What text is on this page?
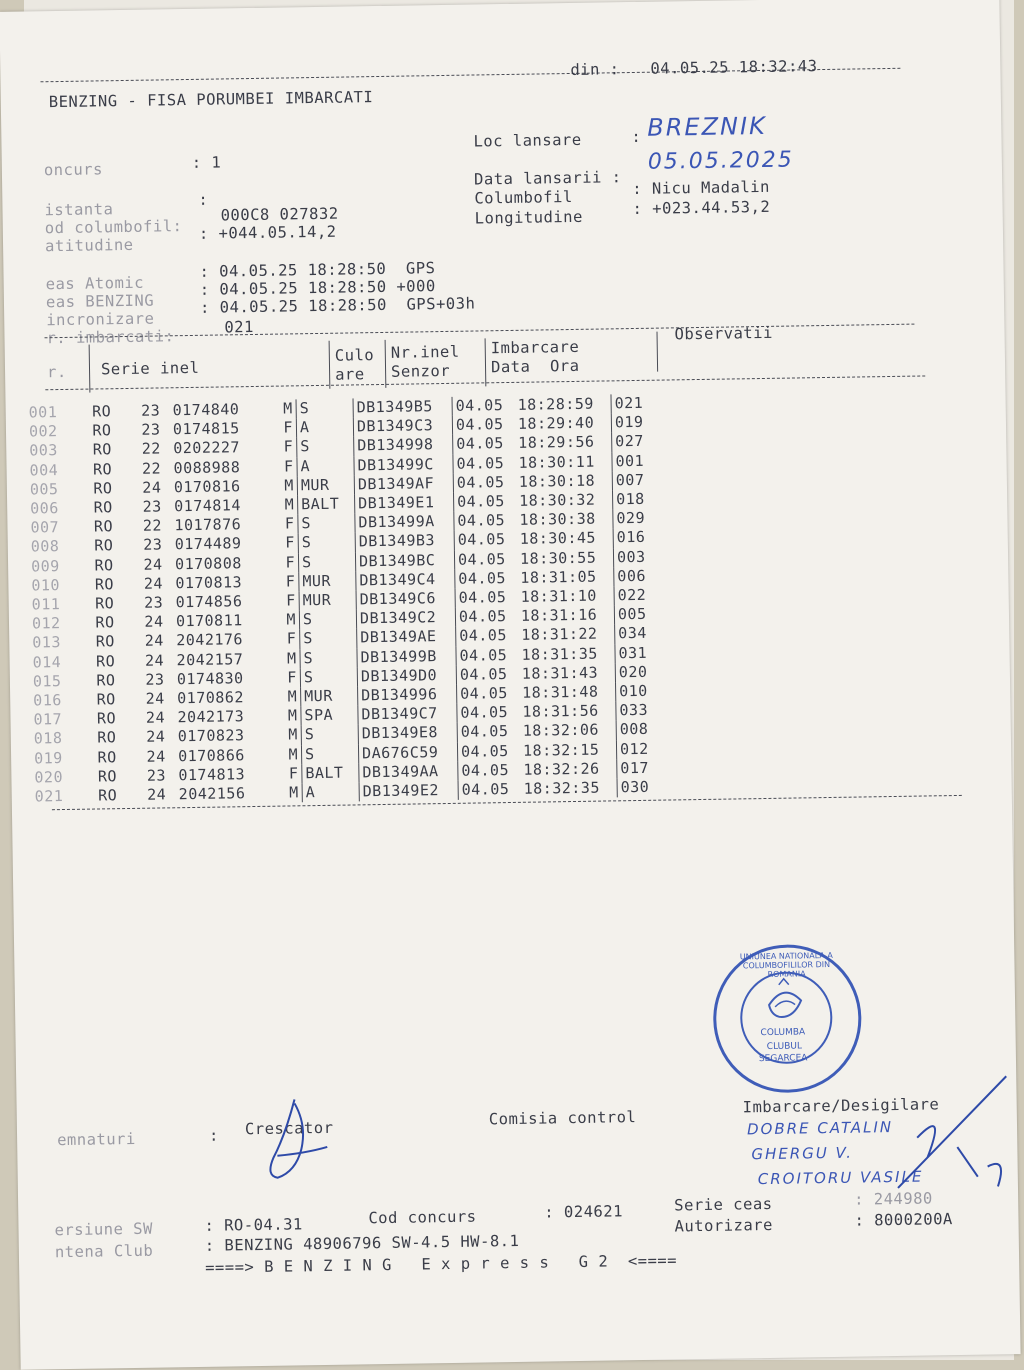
BENZING - FISA PORUMBEI IMBARCATI
din : 04.05.25 18:32:43
oncurs	: 1
Loc lansare	: BREZNIK
istanta
:
Data lansarii :
05.05.2025
od columbofil:
000C8 027832
Columbofil	: Nicu Madalin
atitudine
: +044.05.14,2
Longitudine	: +023.44.53,2
eas Atomic
: 04.05.25 18:28:50  GPS
eas BENZING
: 04.05.25 18:28:50 +000
incronizare
: 04.05.25 18:28:50  GPS+03h
r. imbarcati:
021
r. Serie inel
Culo
are
Nr.inel
Senzor
Imbarcare
Data  Ora
Observatii
001	RO	23	0174840	M	S	DB1349B5	04.05	18:28:59	021
002	RO	23	0174815	F	A	DB1349C3	04.05	18:29:40	019
003	RO	22	0202227	F	S	DB134998	04.05	18:29:56	027
004	RO	22	0088988	F	A	DB13499C	04.05	18:30:11	001
005	RO	24	0170816	M	MUR	DB1349AF	04.05	18:30:18	007
006	RO	23	0174814	M	BALT	DB1349E1	04.05	18:30:32	018
007	RO	22	1017876	F	S	DB13499A	04.05	18:30:38	029
008	RO	23	0174489	F	S	DB1349B3	04.05	18:30:45	016
009	RO	24	0170808	F	S	DB1349BC	04.05	18:30:55	003
010	RO	24	0170813	F	MUR	DB1349C4	04.05	18:31:05	006
011	RO	23	0174856	F	MUR	DB1349C6	04.05	18:31:10	022
012	RO	24	0170811	M	S	DB1349C2	04.05	18:31:16	005
013	RO	24	2042176	F	S	DB1349AE	04.05	18:31:22	034
014	RO	24	2042157	M	S	DB13499B	04.05	18:31:35	031
015	RO	23	0174830	F	S	DB1349D0	04.05	18:31:43	020
016	RO	24	0170862	M	MUR	DB134996	04.05	18:31:48	010
017	RO	24	2042173	M	SPA	DB1349C7	04.05	18:31:56	033
018	RO	24	0170823	M	S	DB1349E8	04.05	18:32:06	008
019	RO	24	0170866	M	S	DA676C59	04.05	18:32:15	012
020	RO	23	0174813	F	BALT	DB1349AA	04.05	18:32:26	017
021	RO	24	2042156	M	A	DB1349E2	04.05	18:32:35	030
UNIUNEA NATIONALA A COLUMBOFILILOR DIN ROMANIA
COLUMBA
CLUBUL
SEGARCEA
emnaturi	: Crescator
Comisia control
Imbarcare/Desigilare
DOBRE CATALIN
GHERGU V.
CROITORU VASILE
ersiune SW	: RO-04.31	Cod concurs	: 024621	Serie ceas	: 244980
ntena Club	: BENZING 48906796 SW-4.5 HW-8.1
Autorizare	: 8000200A
====> B E N Z I N G   E x p r e s s   G 2  <====
